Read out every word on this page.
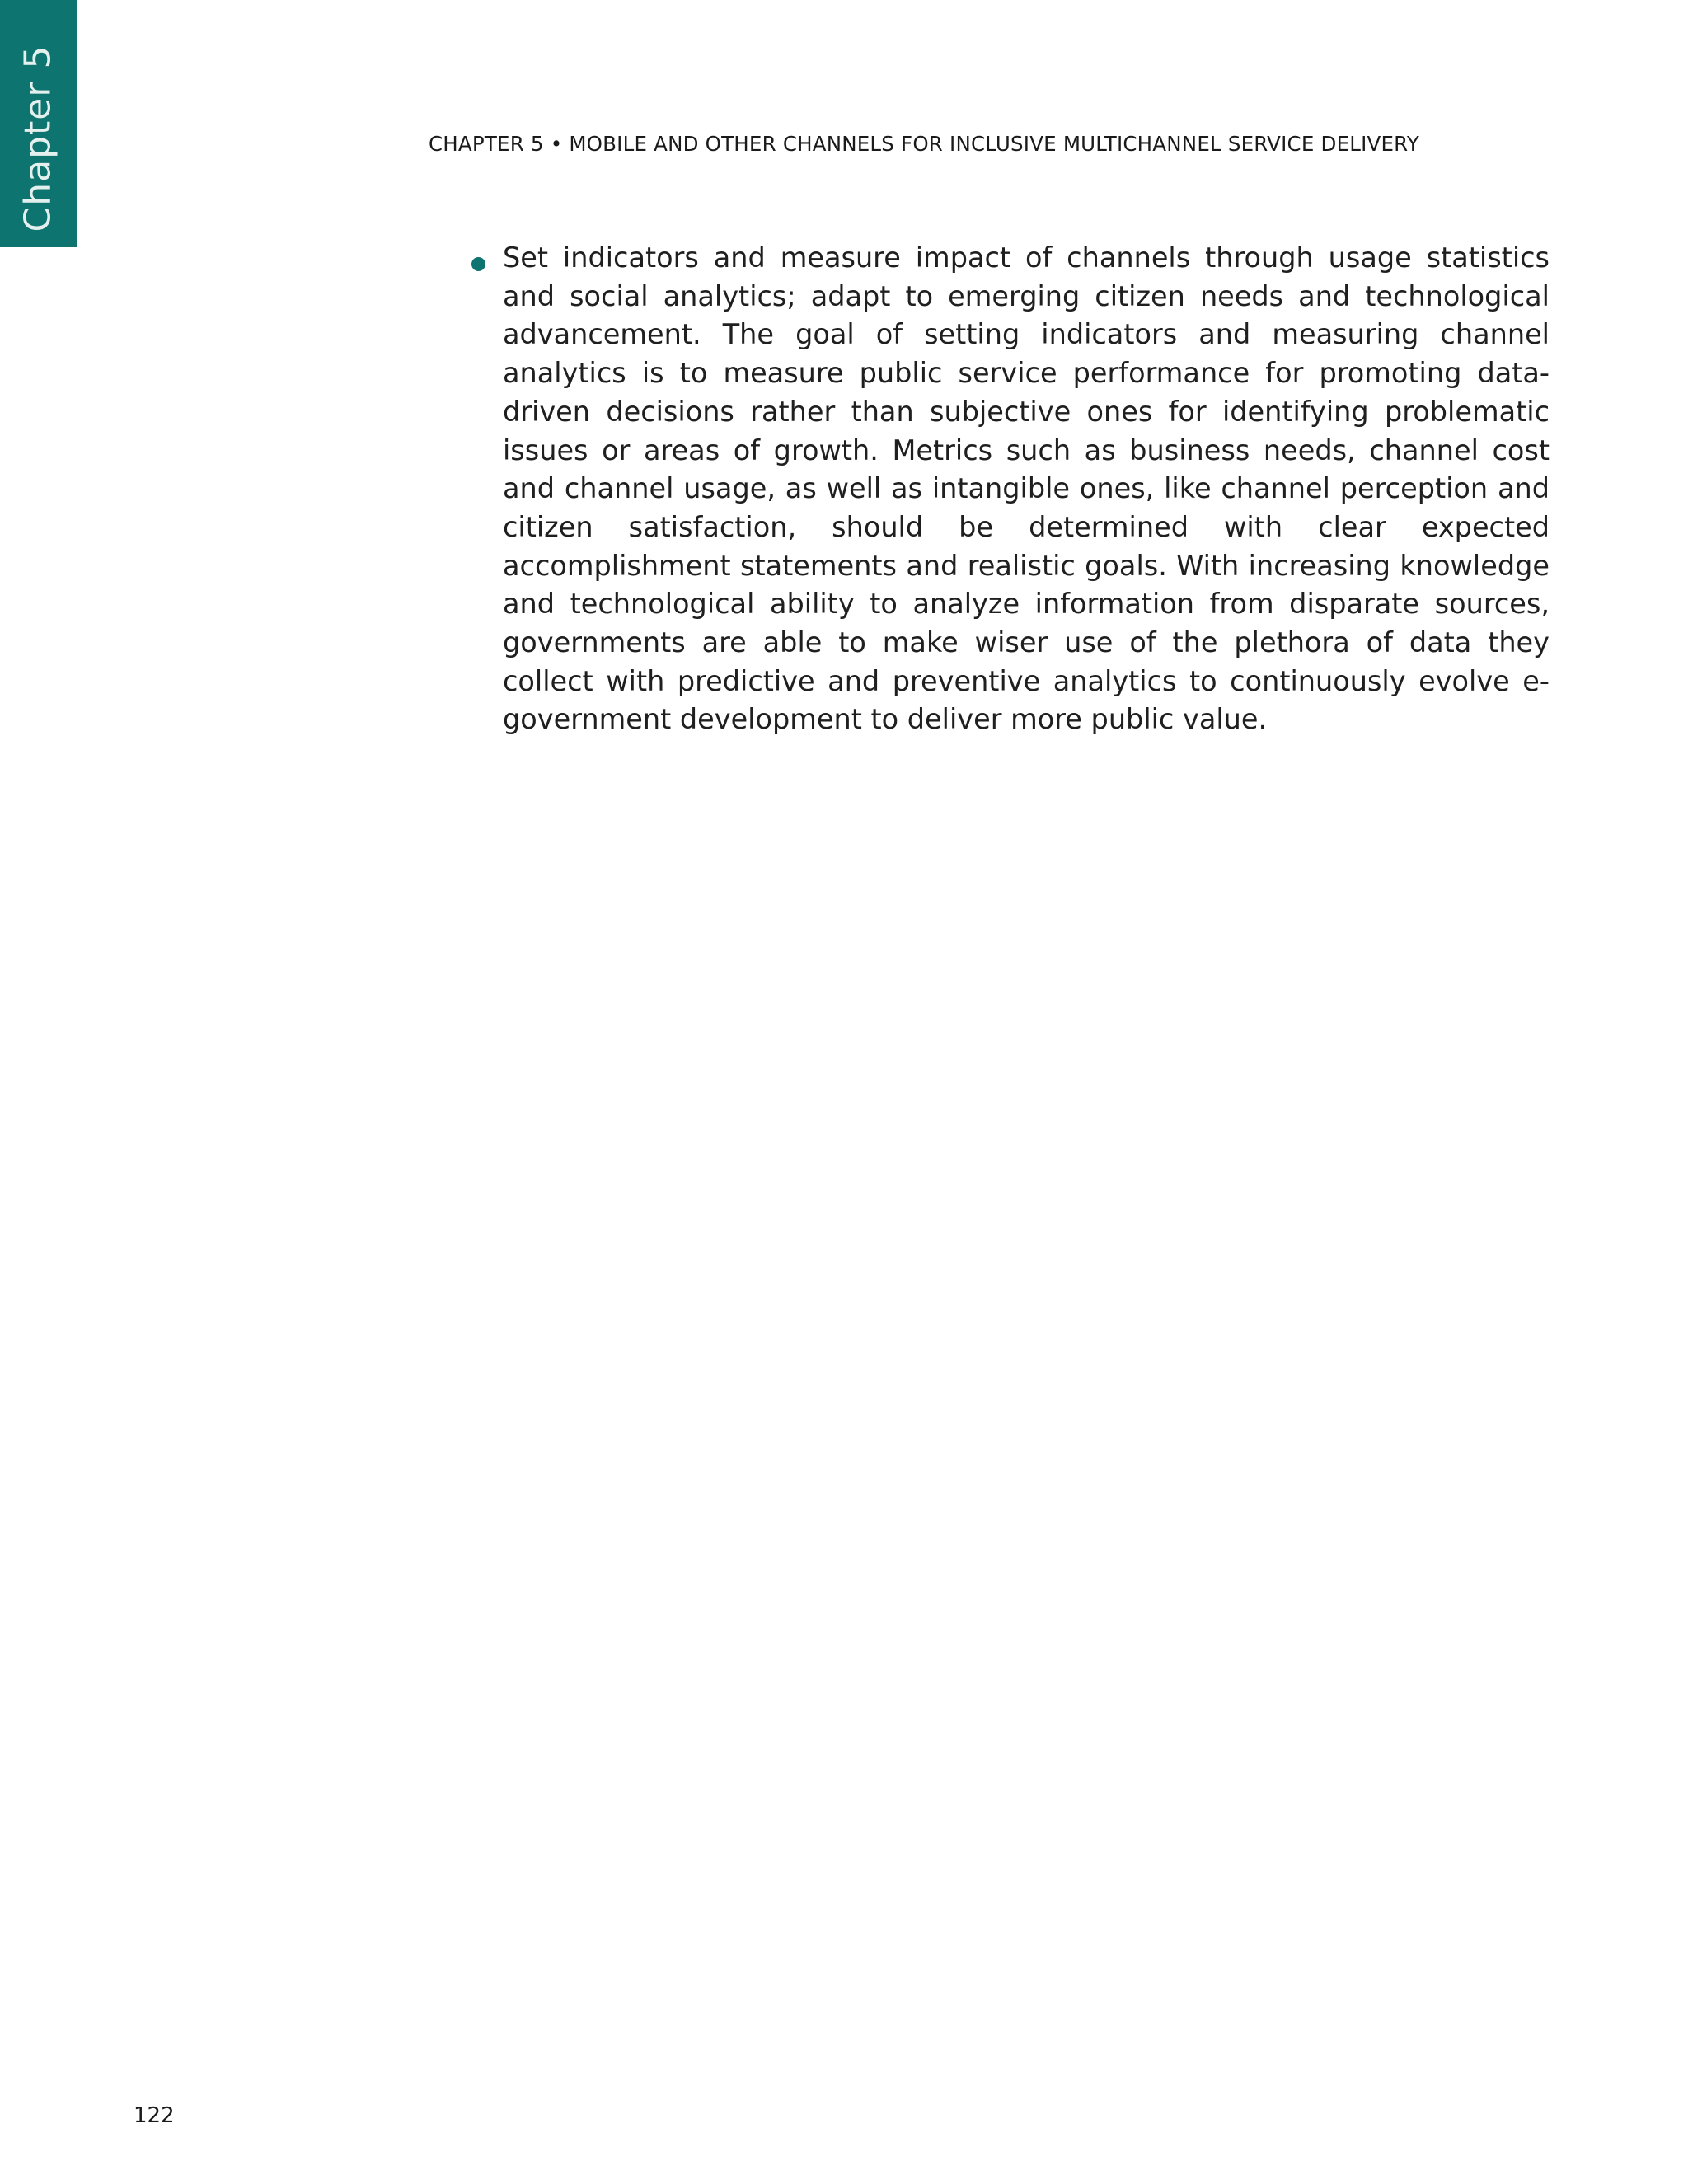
Chapter 5	CHAPTER 5 • MOBILE AND OTHER CHANNELS FOR INCLUSIVE MULTICHANNEL SERVICE DELIVERY
Set indicators and measure impact of channels through usage statistics and social analytics; adapt to emerging citizen needs and technological advancement. The goal of setting indicators and measuring channel analytics is to measure public service performance for promoting data-driven decisions rather than subjective ones for identifying problematic issues or areas of growth. Metrics such as business needs, channel cost and channel usage, as well as intangible ones, like channel perception and citizen satisfaction, should be determined with clear expected accomplishment statements and realistic goals. With increasing knowledge and technological ability to analyze information from disparate sources, governments are able to make wiser use of the plethora of data they collect with predictive and preventive analytics to continuously evolve e-government development to deliver more public value.
122
